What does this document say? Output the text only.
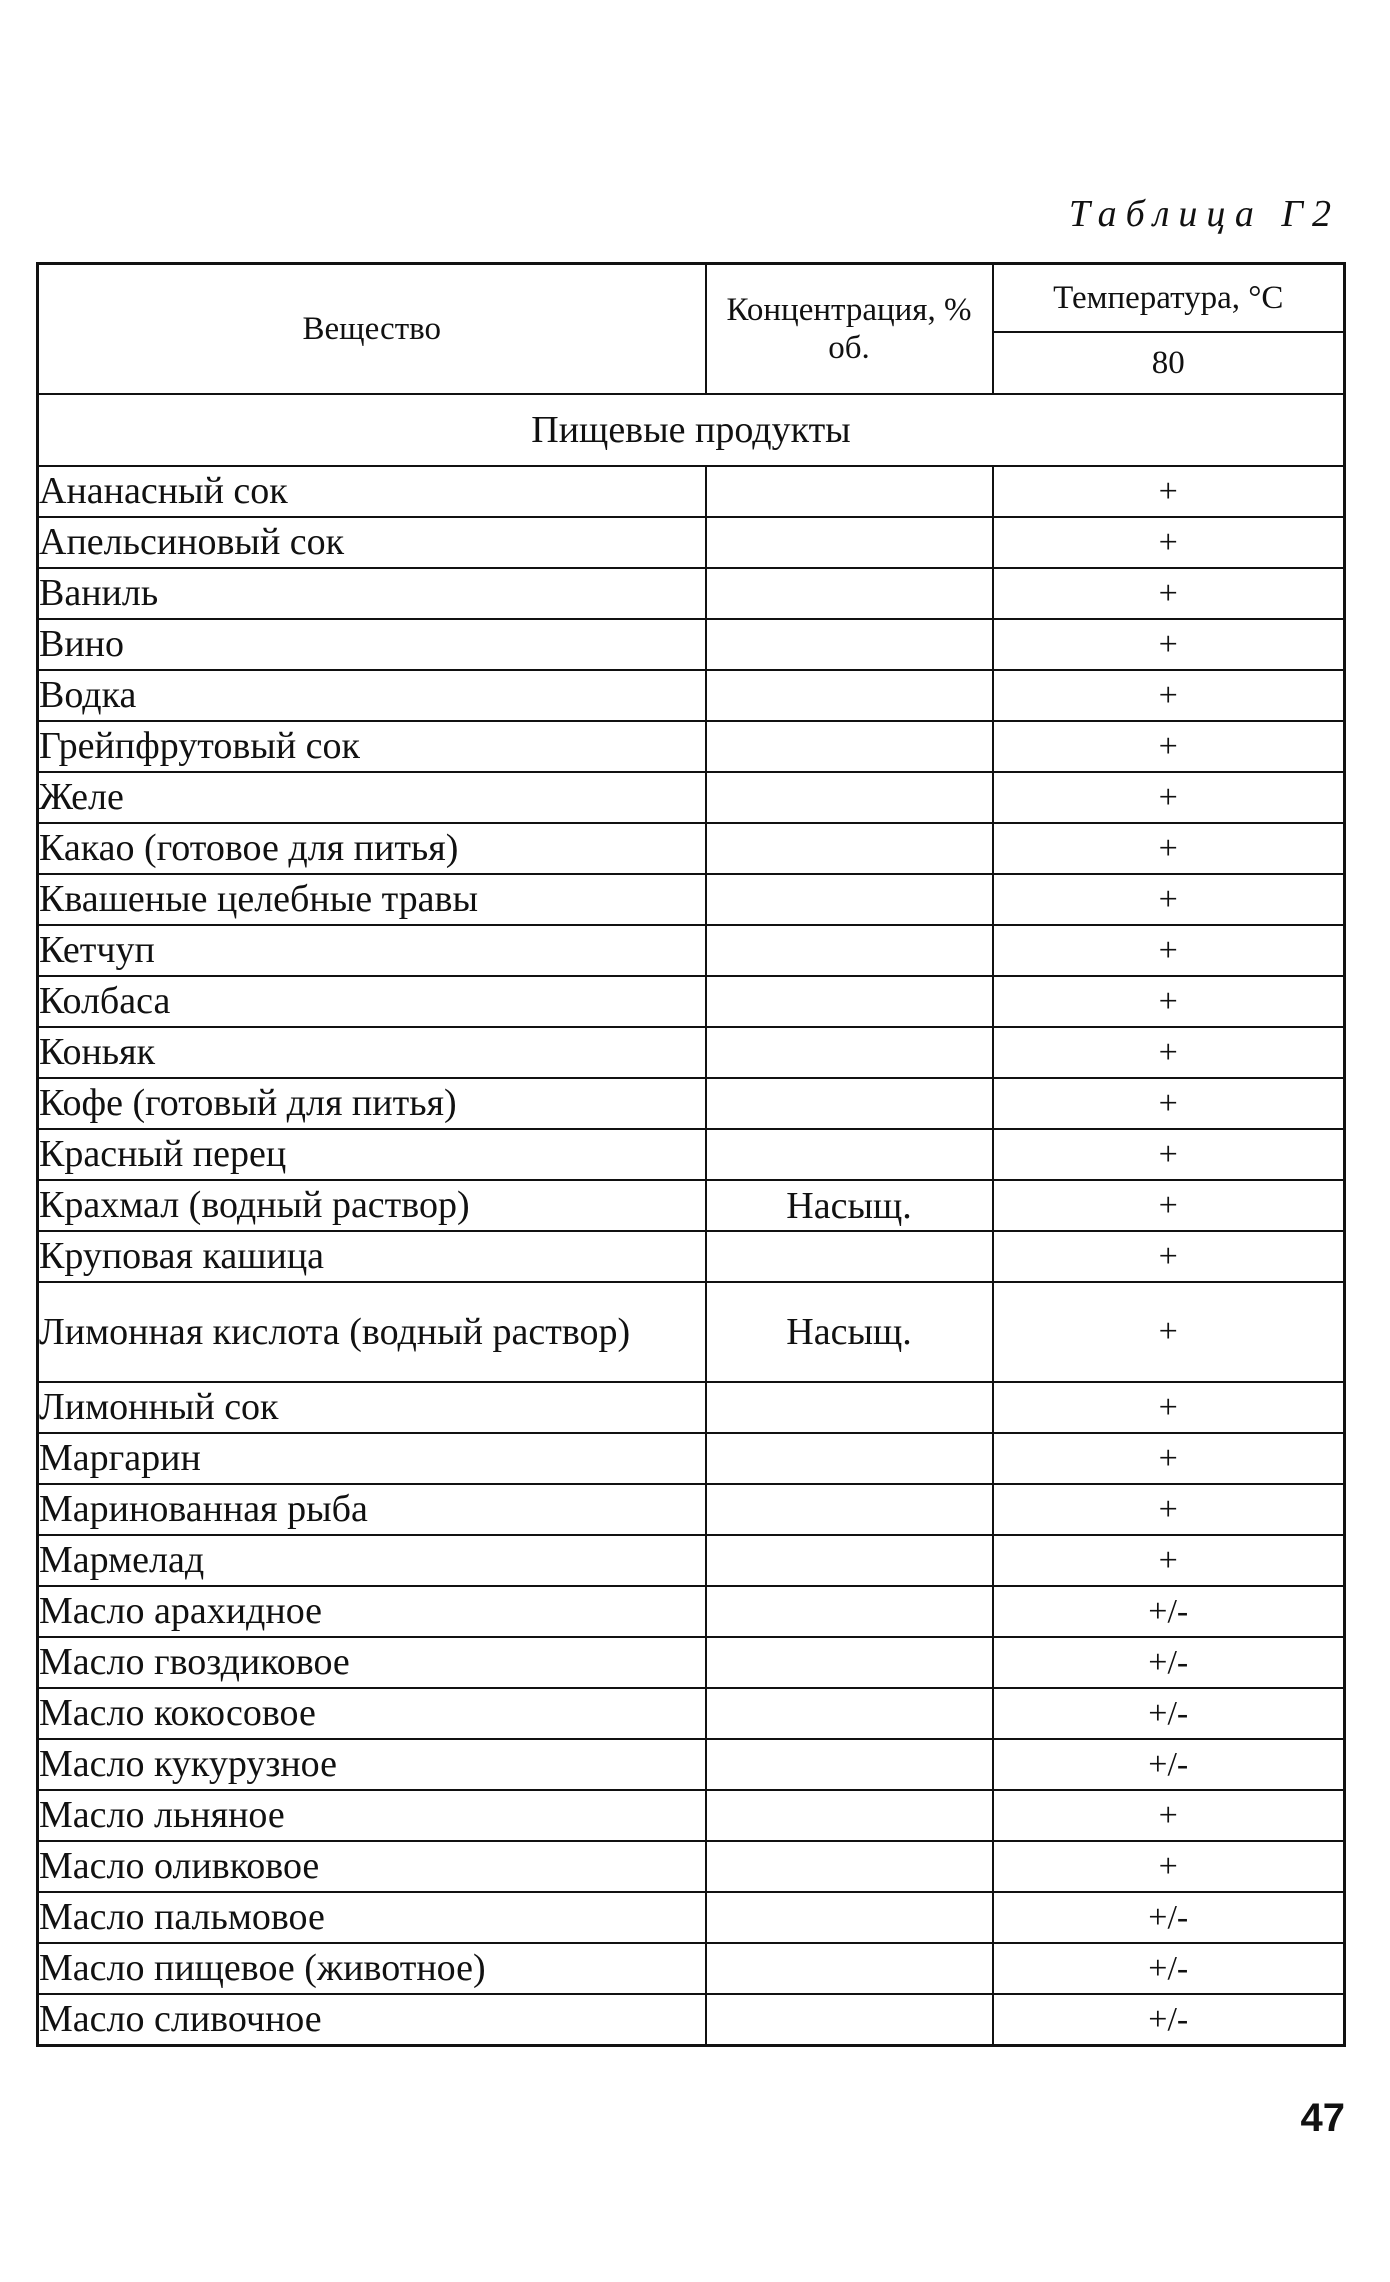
Таблица Г2
Вещество	Концентрация, % об.	Температура, °С
		80
Пищевые продукты		
Ананасный сок		+
Апельсиновый сок		+
Ваниль		+
Вино		+
Водка		+
Грейпфрутовый сок		+
Желе		+
Какао (готовое для питья)		+
Квашеные целебные травы		+
Кетчуп		+
Колбаса		+
Коньяк		+
Кофе (готовый для питья)		+
Красный перец		+
Крахмал (водный раствор)	Насыщ.	+
Круповая кашица		+
Лимонная кислота (водный раствор)	Насыщ.	+
Лимонный сок		+
Маргарин		+
Маринованная рыба		+
Мармелад		+
Масло арахидное		+/-
Масло гвоздиковое		+/-
Масло кокосовое		+/-
Масло кукурузное		+/-
Масло льняное		+
Масло оливковое		+
Масло пальмовое		+/-
Масло пищевое (животное)		+/-
Масло сливочное		+/-
47
